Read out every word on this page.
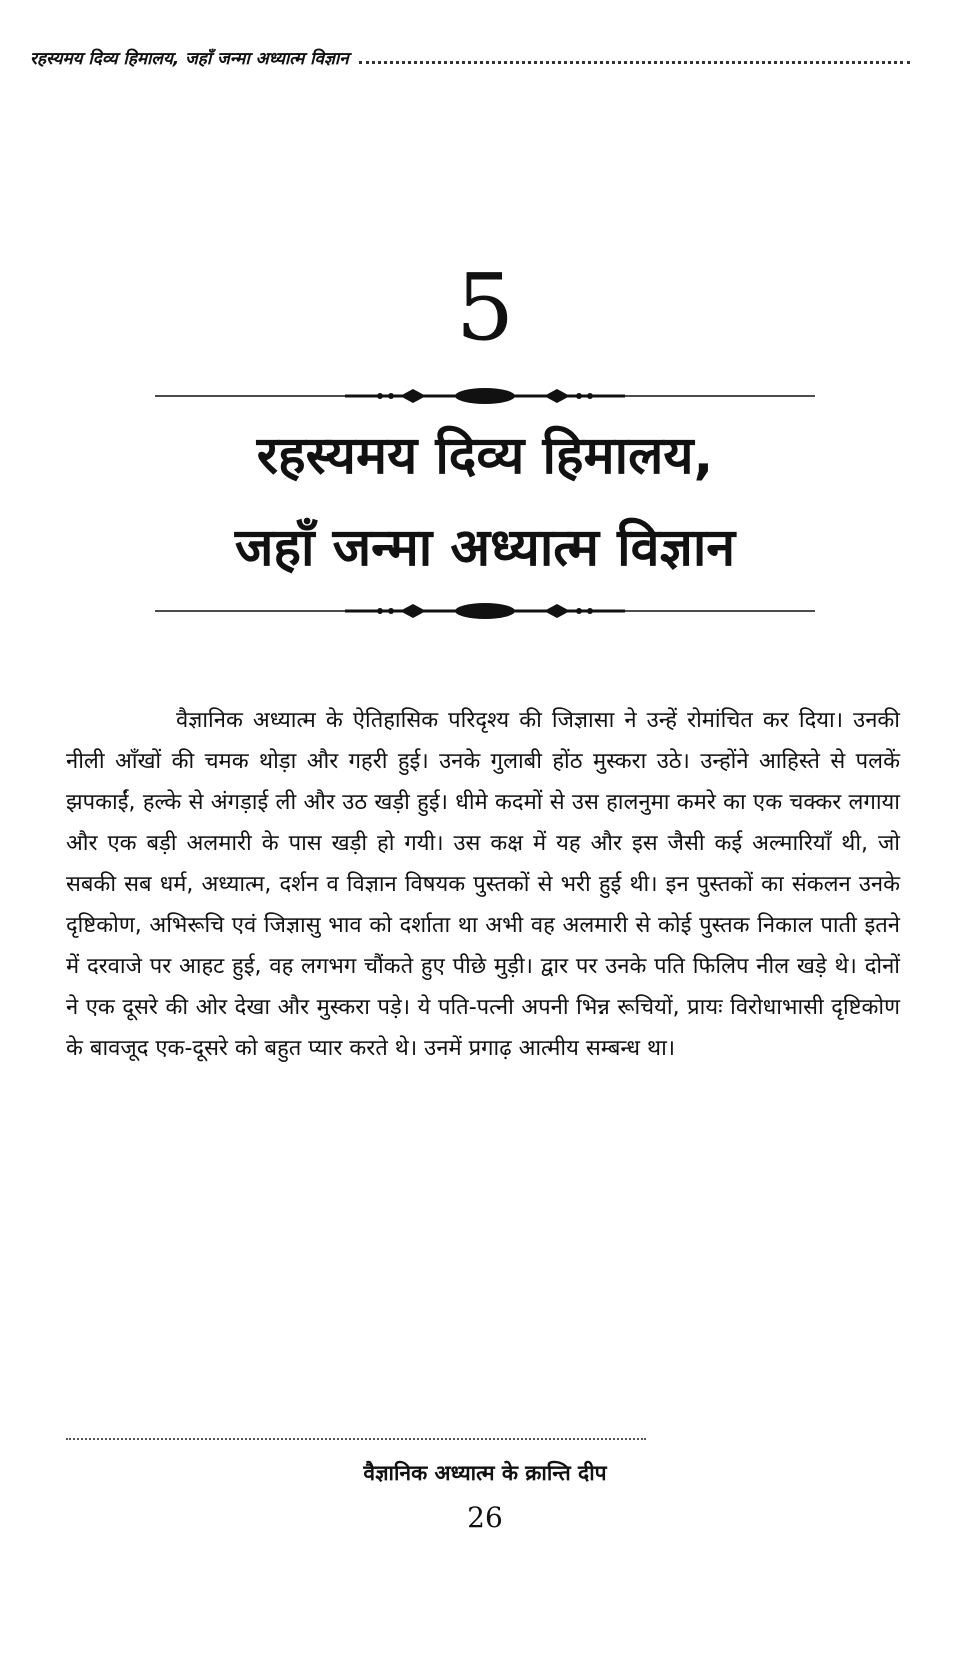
रहस्यमय दिव्य हिमालय, जहाँ जन्मा अध्यात्म विज्ञान
5
रहस्यमय दिव्य हिमालय,
जहाँ जन्मा अध्यात्म विज्ञान

वैज्ञानिक अध्यात्म के ऐतिहासिक परिदृश्य की जिज्ञासा ने उन्हें रोमांचित कर दिया। उनकी नीली आँखों की चमक थोड़ा और गहरी हुई। उनके गुलाबी होंठ मुस्करा उठे। उन्होंने आहिस्ते से पलकें झपकाईं, हल्के से अंगड़ाई ली और उठ खड़ी हुई। धीमे कदमों से उस हालनुमा कमरे का एक चक्कर लगाया और एक बड़ी अलमारी के पास खड़ी हो गयी। उस कक्ष में यह और इस जैसी कई अल्मारियाँ थी, जो सबकी सब धर्म, अध्यात्म, दर्शन व विज्ञान विषयक पुस्तकों से भरी हुई थी। इन पुस्तकों का संकलन उनके दृष्टिकोण, अभिरूचि एवं जिज्ञासु भाव को दर्शाता था अभी वह अलमारी से कोई पुस्तक निकाल पाती इतने में दरवाजे पर आहट हुई, वह लगभग चौंकते हुए पीछे मुड़ी। द्वार पर उनके पति फिलिप नील खड़े थे। दोनों ने एक दूसरे की ओर देखा और मुस्करा पड़े। ये पति-पत्नी अपनी भिन्न रूचियों, प्रायः विरोधाभासी दृष्टिकोण के बावजूद एक-दूसरे को बहुत प्यार करते थे। उनमें प्रगाढ़ आत्मीय सम्बन्ध था।

वैज्ञानिक अध्यात्म के क्रान्ति दीप
26
